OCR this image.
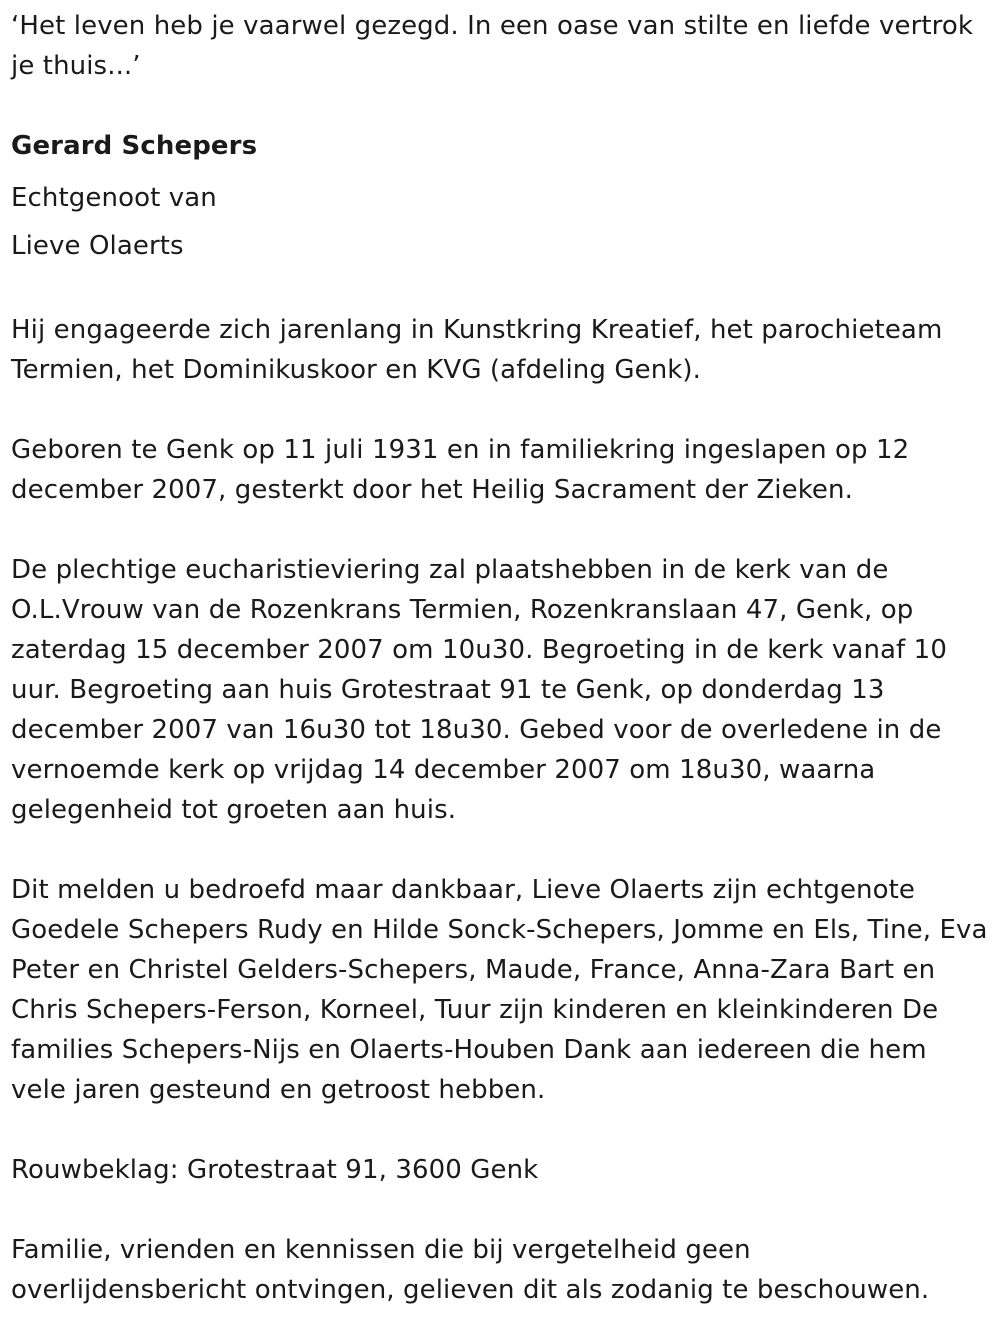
‘Het leven heb je vaarwel gezegd. In een oase van stilte en liefde vertrok je thuis...’

Gerard Schepers

Echtgenoot van

Lieve Olaerts

Hij engageerde zich jarenlang in Kunstkring Kreatief, het parochieteam Termien, het Dominikuskoor en KVG (afdeling Genk).

Geboren te Genk op 11 juli 1931 en in familiekring ingeslapen op 12 december 2007, gesterkt door het Heilig Sacrament der Zieken.

De plechtige eucharistieviering zal plaatshebben in de kerk van de O.L.Vrouw van de Rozenkrans Termien, Rozenkranslaan 47, Genk, op zaterdag 15 december 2007 om 10u30. Begroeting in de kerk vanaf 10 uur. Begroeting aan huis Grotestraat 91 te Genk, op donderdag 13 december 2007 van 16u30 tot 18u30. Gebed voor de overledene in de vernoemde kerk op vrijdag 14 december 2007 om 18u30, waarna gelegenheid tot groeten aan huis.

Dit melden u bedroefd maar dankbaar, Lieve Olaerts zijn echtgenote Goedele Schepers Rudy en Hilde Sonck-Schepers, Jomme en Els, Tine, Eva Peter en Christel Gelders-Schepers, Maude, France, Anna-Zara Bart en Chris Schepers-Ferson, Korneel, Tuur zijn kinderen en kleinkinderen De families Schepers-Nijs en Olaerts-Houben Dank aan iedereen die hem vele jaren gesteund en getroost hebben.

Rouwbeklag: Grotestraat 91, 3600 Genk

Familie, vrienden en kennissen die bij vergetelheid geen overlijdensbericht ontvingen, gelieven dit als zodanig te beschouwen.
